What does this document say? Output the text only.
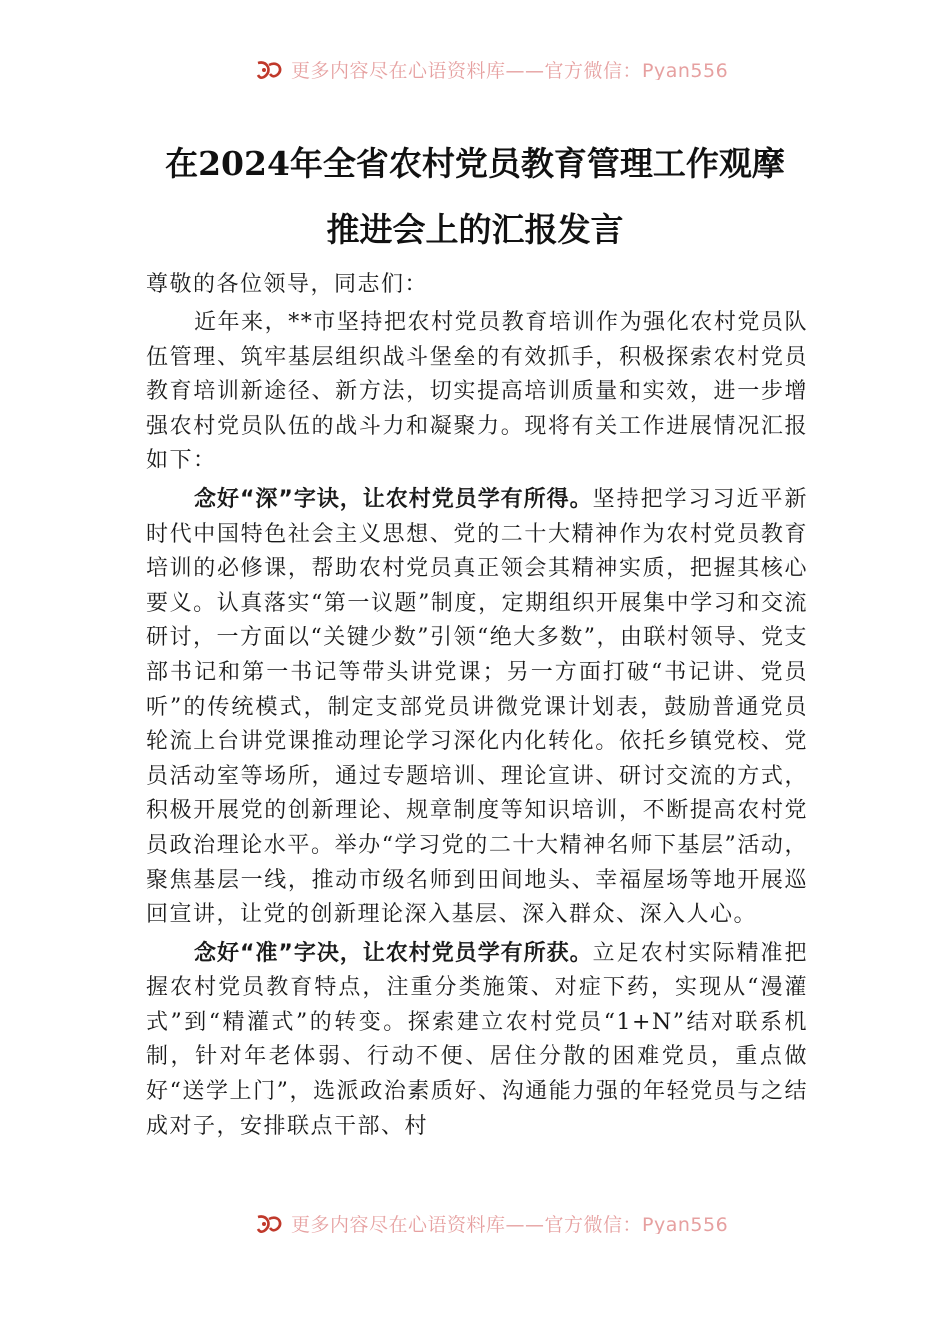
更多内容尽在心语资料库——官方微信：Pyan556
在2024年全省农村党员教育管理工作观摩
推进会上的汇报发言
尊敬的各位领导，同志们：

近年来，**市坚持把农村党员教育培训作为强化农村党员队伍管理、筑牢基层组织战斗堡垒的有效抓手，积极探索农村党员教育培训新途径、新方法，切实提高培训质量和实效，进一步增强农村党员队伍的战斗力和凝聚力。现将有关工作进展情况汇报如下：

念好“深”字诀，让农村党员学有所得。坚持把学习习近平新时代中国特色社会主义思想、党的二十大精神作为农村党员教育培训的必修课，帮助农村党员真正领会其精神实质，把握其核心要义。认真落实“第一议题”制度，定期组织开展集中学习和交流研讨，一方面以“关键少数”引领“绝大多数”，由联村领导、党支部书记和第一书记等带头讲党课；另一方面打破“书记讲、党员听”的传统模式，制定支部党员讲微党课计划表，鼓励普通党员轮流上台讲党课推动理论学习深化内化转化。依托乡镇党校、党员活动室等场所，通过专题培训、理论宣讲、研讨交流的方式，积极开展党的创新理论、规章制度等知识培训，不断提高农村党员政治理论水平。举办“学习党的二十大精神名师下基层”活动，聚焦基层一线，推动市级名师到田间地头、幸福屋场等地开展巡回宣讲，让党的创新理论深入基层、深入群众、深入人心。

念好“准”字决，让农村党员学有所获。立足农村实际精准把握农村党员教育特点，注重分类施策、对症下药，实现从“漫灌式”到“精灌式”的转变。探索建立农村党员“1+N”结对联系机制，针对年老体弱、行动不便、居住分散的困难党员，重点做好“送学上门”，选派政治素质好、沟通能力强的年轻党员与之结成对子，安排联点干部、村

更多内容尽在心语资料库——官方微信：Pyan556
